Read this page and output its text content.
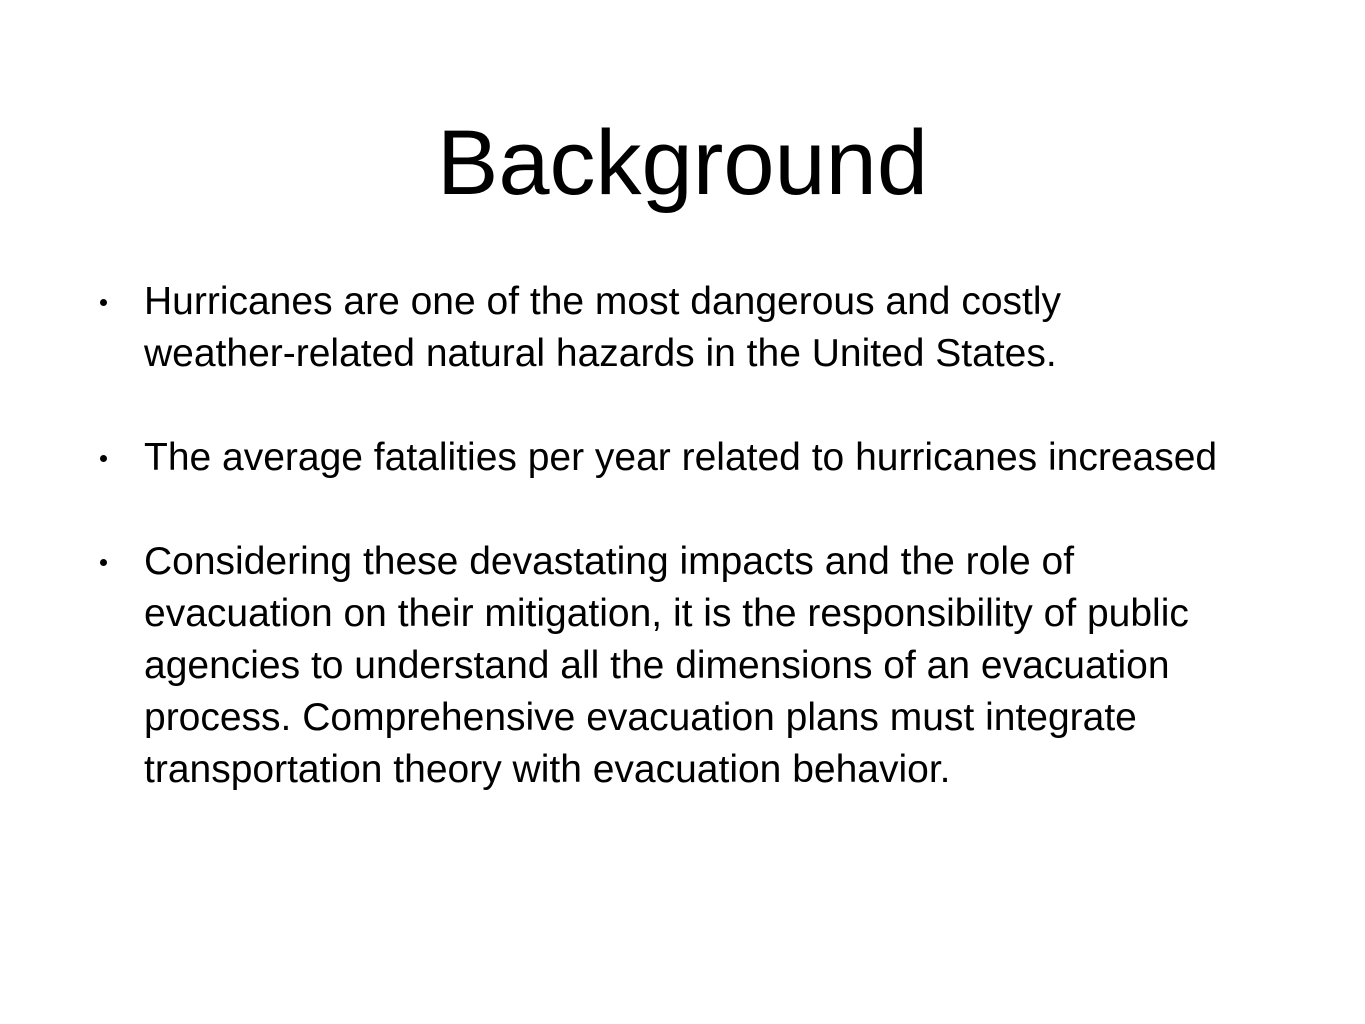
Background
Hurricanes are one of the most dangerous and costly weather-related natural hazards in the United States.
The average fatalities per year related to hurricanes increased
Considering these devastating impacts and the role of evacuation on their mitigation, it is the responsibility of public agencies to understand all the dimensions of an evacuation process. Comprehensive evacuation plans must integrate transportation theory with evacuation behavior.
